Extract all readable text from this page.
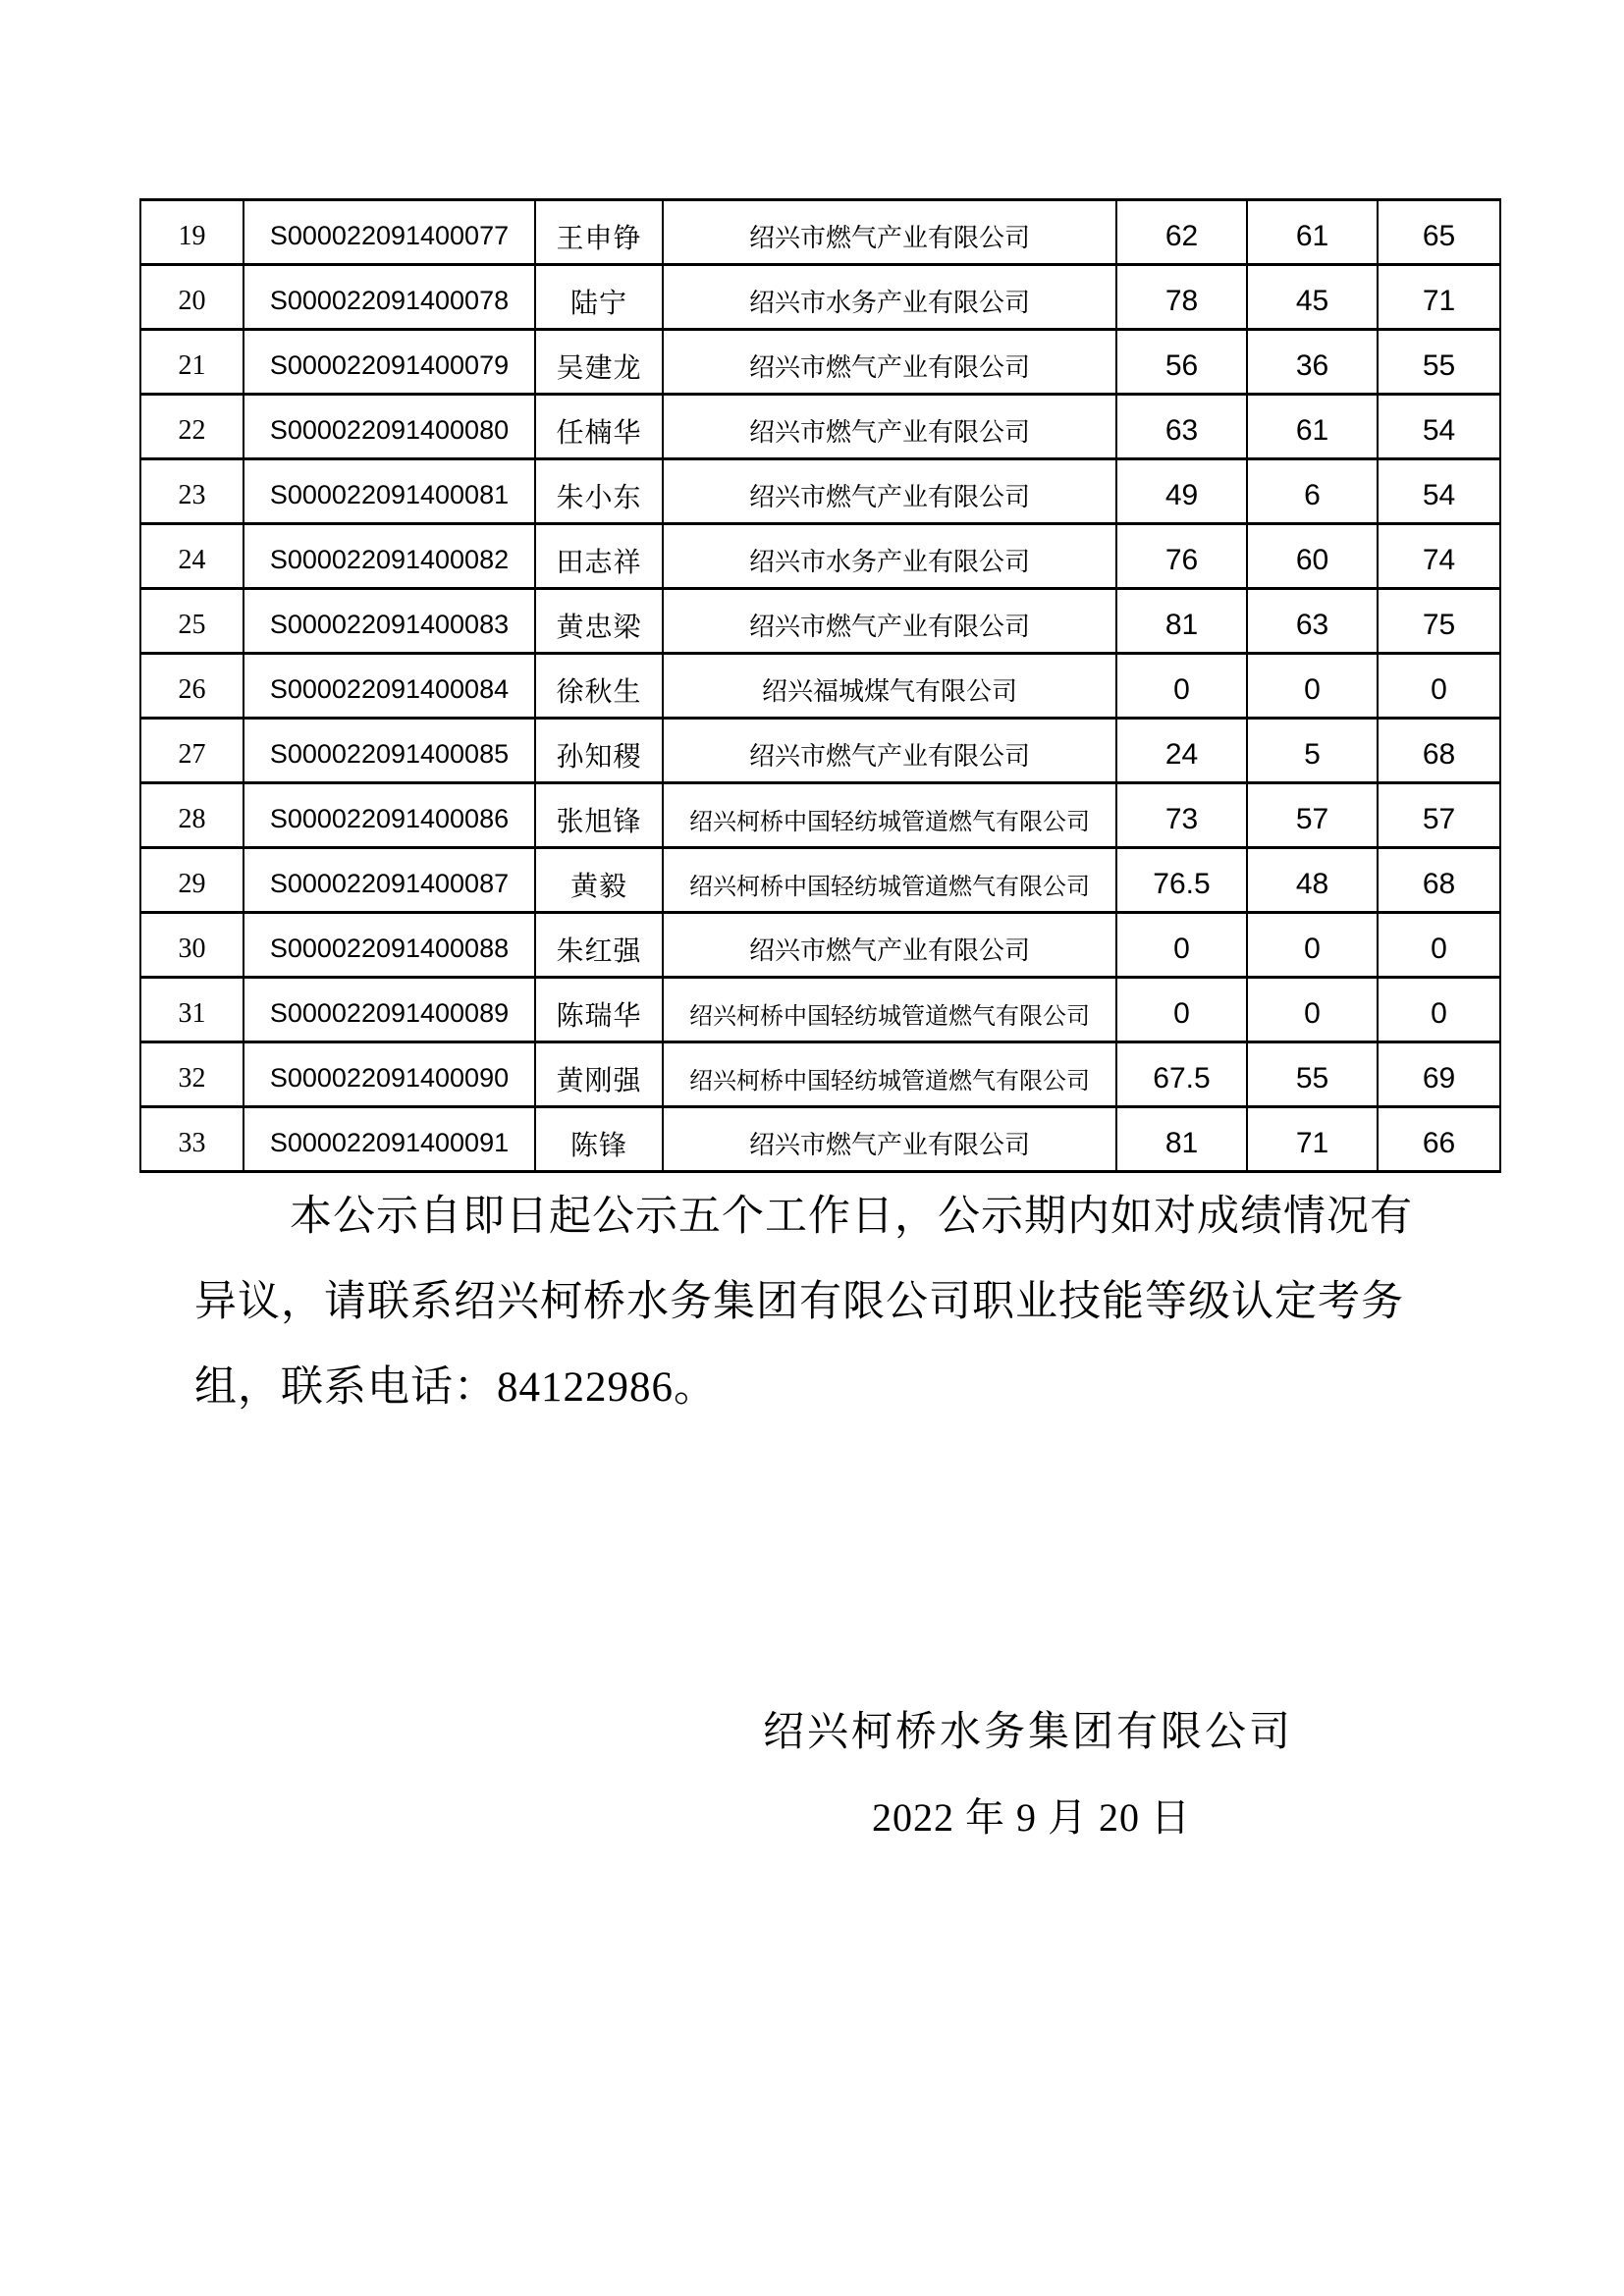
19	S000022091400077	王申铮	绍兴市燃气产业有限公司	62	61	65
20	S000022091400078	陆宁	绍兴市水务产业有限公司	78	45	71
21	S000022091400079	吴建龙	绍兴市燃气产业有限公司	56	36	55
22	S000022091400080	任楠华	绍兴市燃气产业有限公司	63	61	54
23	S000022091400081	朱小东	绍兴市燃气产业有限公司	49	6	54
24	S000022091400082	田志祥	绍兴市水务产业有限公司	76	60	74
25	S000022091400083	黄忠梁	绍兴市燃气产业有限公司	81	63	75
26	S000022091400084	徐秋生	绍兴福城煤气有限公司	0	0	0
27	S000022091400085	孙知稷	绍兴市燃气产业有限公司	24	5	68
28	S000022091400086	张旭锋	绍兴柯桥中国轻纺城管道燃气有限公司	73	57	57
29	S000022091400087	黄毅	绍兴柯桥中国轻纺城管道燃气有限公司	76.5	48	68
30	S000022091400088	朱红强	绍兴市燃气产业有限公司	0	0	0
31	S000022091400089	陈瑞华	绍兴柯桥中国轻纺城管道燃气有限公司	0	0	0
32	S000022091400090	黄刚强	绍兴柯桥中国轻纺城管道燃气有限公司	67.5	55	69
33	S000022091400091	陈锋	绍兴市燃气产业有限公司	81	71	66
本公示自即日起公示五个工作日，公示期内如对成绩情况有
异议，请联系绍兴柯桥水务集团有限公司职业技能等级认定考务
组，联系电话：84122986。
绍兴柯桥水务集团有限公司
2022 年 9 月 20 日
